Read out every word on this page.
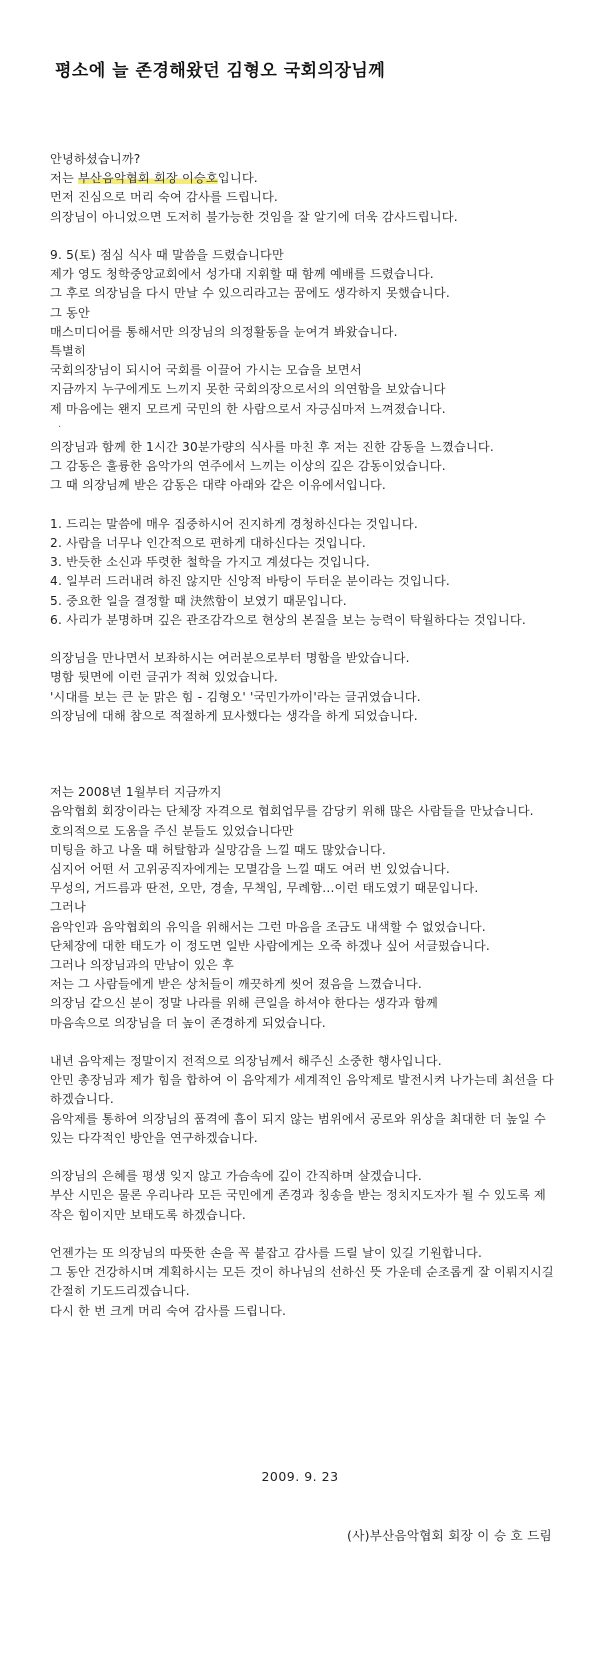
평소에 늘 존경해왔던 김형오 국회의장님께
안녕하셨습니까?
저는 부산음악협회 회장 이승호입니다.
먼저 진심으로 머리 숙여 감사를 드립니다.
의장님이 아니었으면 도저히 불가능한 것임을 잘 알기에 더욱 감사드립니다.
9. 5(토) 점심 식사 때 말씀을 드렸습니다만
제가 영도 청학중앙교회에서 성가대 지휘할 때 함께 예배를 드렸습니다.
그 후로 의장님을 다시 만날 수 있으리라고는 꿈에도 생각하지 못했습니다.
그 동안
매스미디어를 통해서만 의장님의 의정활동을 눈여겨 봐왔습니다.
특별히
국회의장님이 되시어 국회를 이끌어 가시는 모습을 보면서
지금까지 누구에게도 느끼지 못한 국회의장으로서의 의연함을 보았습니다
제 마음에는 왠지 모르게 국민의 한 사람으로서 자긍심마저 느껴졌습니다.
.
의장님과 함께 한 1시간 30분가량의 식사를 마친 후 저는 진한 감동을 느꼈습니다.
그 감동은 훌륭한 음악가의 연주에서 느끼는 이상의 깊은 감동이었습니다.
그 때 의장님께 받은 감동은 대략 아래와 같은 이유에서입니다.
1. 드리는 말씀에 매우 집중하시어 진지하게 경청하신다는 것입니다.
2. 사람을 너무나 인간적으로 편하게 대하신다는 것입니다.
3. 반듯한 소신과 뚜렷한 철학을 가지고 계셨다는 것입니다.
4. 일부러 드러내려 하진 않지만 신앙적 바탕이 두터운 분이라는 것입니다.
5. 중요한 일을 결정할 때 決然함이 보였기 때문입니다.
6. 사리가 분명하며 깊은 관조감각으로 현상의 본질을 보는 능력이 탁월하다는 것입니다.
의장님을 만나면서 보좌하시는 여러분으로부터 명함을 받았습니다.
명함 뒷면에 이런 글귀가 적혀 있었습니다.
'시대를 보는 큰 눈 맑은 힘 - 김형오' '국민가까이'라는 글귀였습니다.
의장님에 대해 참으로 적절하게 묘사했다는 생각을 하게 되었습니다.
저는 2008년 1월부터 지금까지
음악협회 회장이라는 단체장 자격으로 협회업무를 감당키 위해 많은 사람들을 만났습니다.
호의적으로 도움을 주신 분들도 있었습니다만
미팅을 하고 나올 때 허탈함과 실망감을 느낄 때도 많았습니다.
심지어 어떤 서 고위공직자에게는 모멸감을 느낄 때도 여러 번 있었습니다.
무성의, 거드름과 딴전, 오만, 경솔, 무책임, 무례함...이런 태도였기 때문입니다.
그러나
음악인과 음악협회의 유익을 위해서는 그런 마음을 조금도 내색할 수 없었습니다.
단체장에 대한 태도가 이 정도면 일반 사람에게는 오죽 하겠나 싶어 서글펐습니다.
그러나 의장님과의 만남이 있은 후
저는 그 사람들에게 받은 상처들이 깨끗하게 씻어 졌음을 느꼈습니다.
의장님 같으신 분이 정말 나라를 위해 큰일을 하셔야 한다는 생각과 함께
마음속으로 의장님을 더 높이 존경하게 되었습니다.
내년 음악제는 정말이지 전적으로 의장님께서 해주신 소중한 행사입니다.
안민 총장님과 제가 힘을 합하여 이 음악제가 세계적인 음악제로 발전시켜 나가는데 최선을 다하겠습니다.
음악제를 통하여 의장님의 품격에 흠이 되지 않는 범위에서 공로와 위상을 최대한 더 높일 수 있는 다각적인 방안을 연구하겠습니다.
의장님의 은혜를 평생 잊지 않고 가슴속에 깊이 간직하며 살겠습니다.
부산 시민은 물론 우리나라 모든 국민에게 존경과 칭송을 받는 정치지도자가 될 수 있도록 제 작은 힘이지만 보태도록 하겠습니다.
언젠가는 또 의장님의 따뜻한 손을 꼭 붙잡고 감사를 드릴 날이 있길 기원합니다.
그 동안 건강하시며 계획하시는 모든 것이 하나님의 선하신 뜻 가운데 순조롭게 잘 이뤄지시길 간절히 기도드리겠습니다.
다시 한 번 크게 머리 숙여 감사를 드립니다.
2009. 9. 23
(사)부산음악협회 회장 이 승 호 드림
